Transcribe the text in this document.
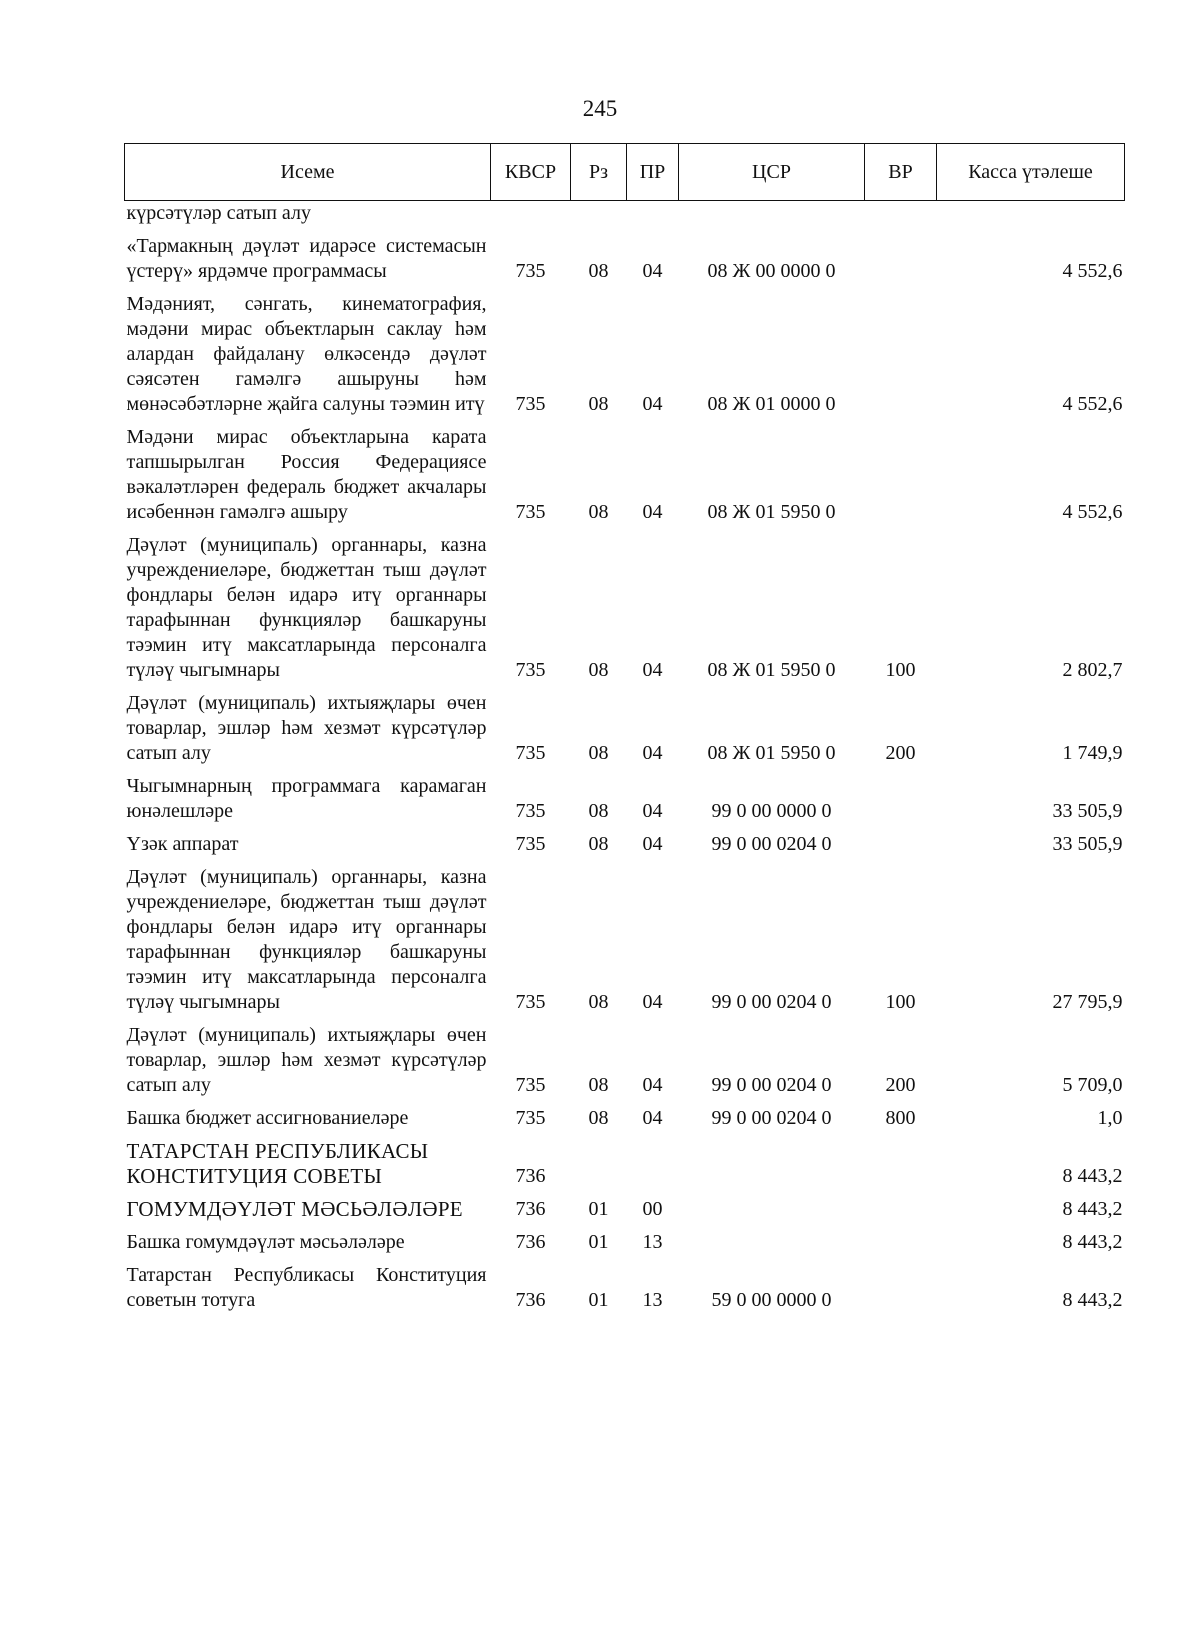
245
Исеме	КВСР	Рз	ПР	ЦСР	ВР	Касса үтәлеше
күрсәтүләр сатып алу						
«Тармакның дәүләт идарәсе системасын үстерү» ярдәмче программасы	735	08	04	08 Ж 00 0000 0		4 552,6
Мәдәният, сәнгать, кинематография, мәдәни мирас объектларын саклау һәм алардан файдалану өлкәсендә дәүләт сәясәтен гамәлгә ашыруны һәм мөнәсәбәтләрне җайга салуны тәэмин итү	735	08	04	08 Ж 01 0000 0		4 552,6
Мәдәни мирас объектларына карата тапшырылган Россия Федерациясе вәкаләтләрен федераль бюджет акчалары исәбеннән гамәлгә ашыру	735	08	04	08 Ж 01 5950 0		4 552,6
Дәүләт (муниципаль) органнары, казна учреждениеләре, бюджеттан тыш дәүләт фондлары белән идарә итү органнары тарафыннан функцияләр башкаруны тәэмин итү максатларында персоналга түләү чыгымнары	735	08	04	08 Ж 01 5950 0	100	2 802,7
Дәүләт (муниципаль) ихтыяҗлары өчен товарлар, эшләр һәм хезмәт күрсәтүләр сатып алу	735	08	04	08 Ж 01 5950 0	200	1 749,9
Чыгымнарның программага карамаган юнәлешләре	735	08	04	99 0 00 0000 0		33 505,9
Үзәк аппарат	735	08	04	99 0 00 0204 0		33 505,9
Дәүләт (муниципаль) органнары, казна учреждениеләре, бюджеттан тыш дәүләт фондлары белән идарә итү органнары тарафыннан функцияләр башкаруны тәэмин итү максатларында персоналга түләү чыгымнары	735	08	04	99 0 00 0204 0	100	27 795,9
Дәүләт (муниципаль) ихтыяҗлары өчен товарлар, эшләр һәм хезмәт күрсәтүләр сатып алу	735	08	04	99 0 00 0204 0	200	5 709,0
Башка бюджет ассигнованиеләре	735	08	04	99 0 00 0204 0	800	1,0
ТАТАРСТАН РЕСПУБЛИКАСЫ КОНСТИТУЦИЯ СОВЕТЫ	736					8 443,2
ГОМУМДӘҮЛӘТ МӘСЬӘЛӘЛӘРЕ	736	01	00			8 443,2
Башка гомумдәүләт мәсьәләләре	736	01	13			8 443,2
Татарстан Республикасы Конституция советын тотуга	736	01	13	59 0 00 0000 0		8 443,2
